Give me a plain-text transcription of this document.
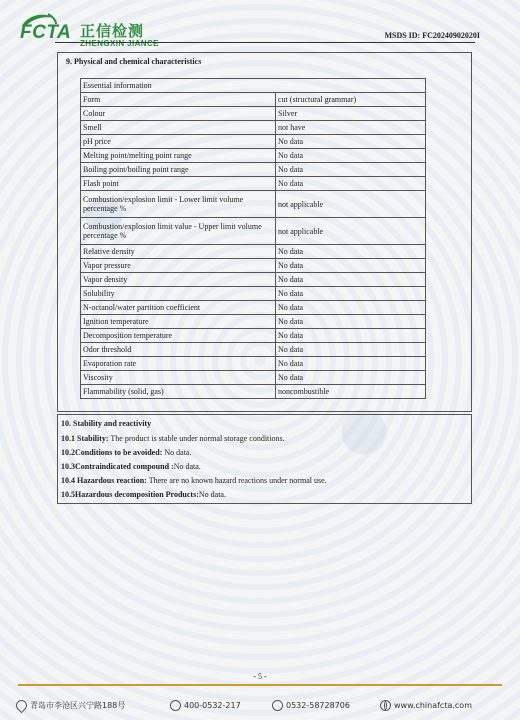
FCTA 正信检测
ZHENGXIN JIANCE
MSDS ID: FC20240902020I
9. Physical and chemical characteristics
Essential information	
Form	cut (structural grammar)
Colour	Silver
Smell	not have
pH price	No data
Melting point/melting point range	No data
Boiling point/boiling point range	No data
Flash point	No data
Combustion/explosion limit - Lower limit volume percentage %	not applicable
Combustion/explosion limit value - Upper limit volume percentage %	not applicable
Relative density	No data
Vapor pressure	No data
Vapor density	No data
Solubility	No data
N-octanol/water partition coefficient	No data
Ignition temperature	No data
Decomposition temperature	No data
Odor threshold	No data
Evaporation rate	No data
Viscosity	No data
Flammability (solid, gas)	noncombustible
10. Stability and reactivity
10.1 Stability: The product is stable under normal storage conditions.
10.2Conditions to be avoided: No data.
10.3Contraindicated compound :No data.
10.4 Hazardous reaction: There are no known hazard reactions under normal use.
10.5Hazardous decomposition Products:No data.
- 5 -
青岛市李沧区兴宁路188号	400-0532-217	0532-58728706	www.chinafcta.com
